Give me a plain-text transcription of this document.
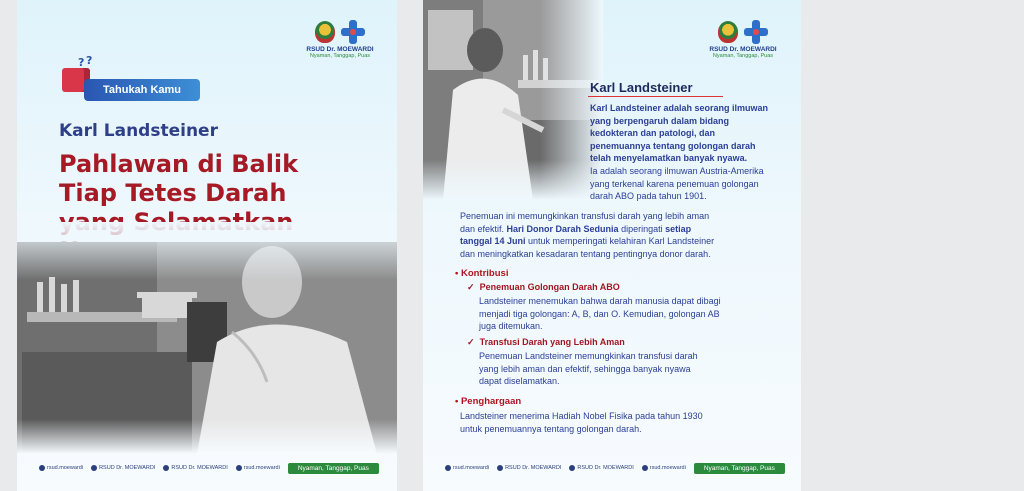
RSUD Dr. MOEWARDI
Nyaman, Tanggap, Puas
? ?
Tahukah Kamu
Karl Landsteiner
Pahlawan di Balik
Tiap Tetes Darah
rsud.moewardi	RSUD Dr. MOEWARDI	RSUD Dr. MOEWARDI	rsud.moewardi	Nyaman, Tanggap, Puas
RSUD Dr. MOEWARDI
Nyaman, Tanggap, Puas
Karl Landsteiner
Karl Landsteiner adalah seorang ilmuwan
yang berpengaruh dalam bidang
kedokteran dan patologi, dan
penemuannya tentang golongan darah
telah menyelamatkan banyak nyawa.
Ia adalah seorang ilmuwan Austria-Amerika
yang terkenal karena penemuan golongan
darah ABO pada tahun 1901.
Penemuan ini memungkinkan transfusi darah yang lebih aman
dan efektif. Hari Donor Darah Sedunia diperingati setiap
tanggal 14 Juni untuk memperingati kelahiran Karl Landsteiner
dan meningkatkan kesadaran tentang pentingnya donor darah.
• Kontribusi
✓ Penemuan Golongan Darah ABO
Landsteiner menemukan bahwa darah manusia dapat dibagi
menjadi tiga golongan: A, B, dan O. Kemudian, golongan AB
juga ditemukan.
✓ Transfusi Darah yang Lebih Aman
Penemuan Landsteiner memungkinkan transfusi darah
yang lebih aman dan efektif, sehingga banyak nyawa
dapat diselamatkan.
• Penghargaan
Landsteiner menerima Hadiah Nobel Fisika pada tahun 1930
untuk penemuannya tentang golongan darah.
rsud.moewardi	RSUD Dr. MOEWARDI	RSUD Dr. MOEWARDI	rsud.moewardi	Nyaman, Tanggap, Puas
